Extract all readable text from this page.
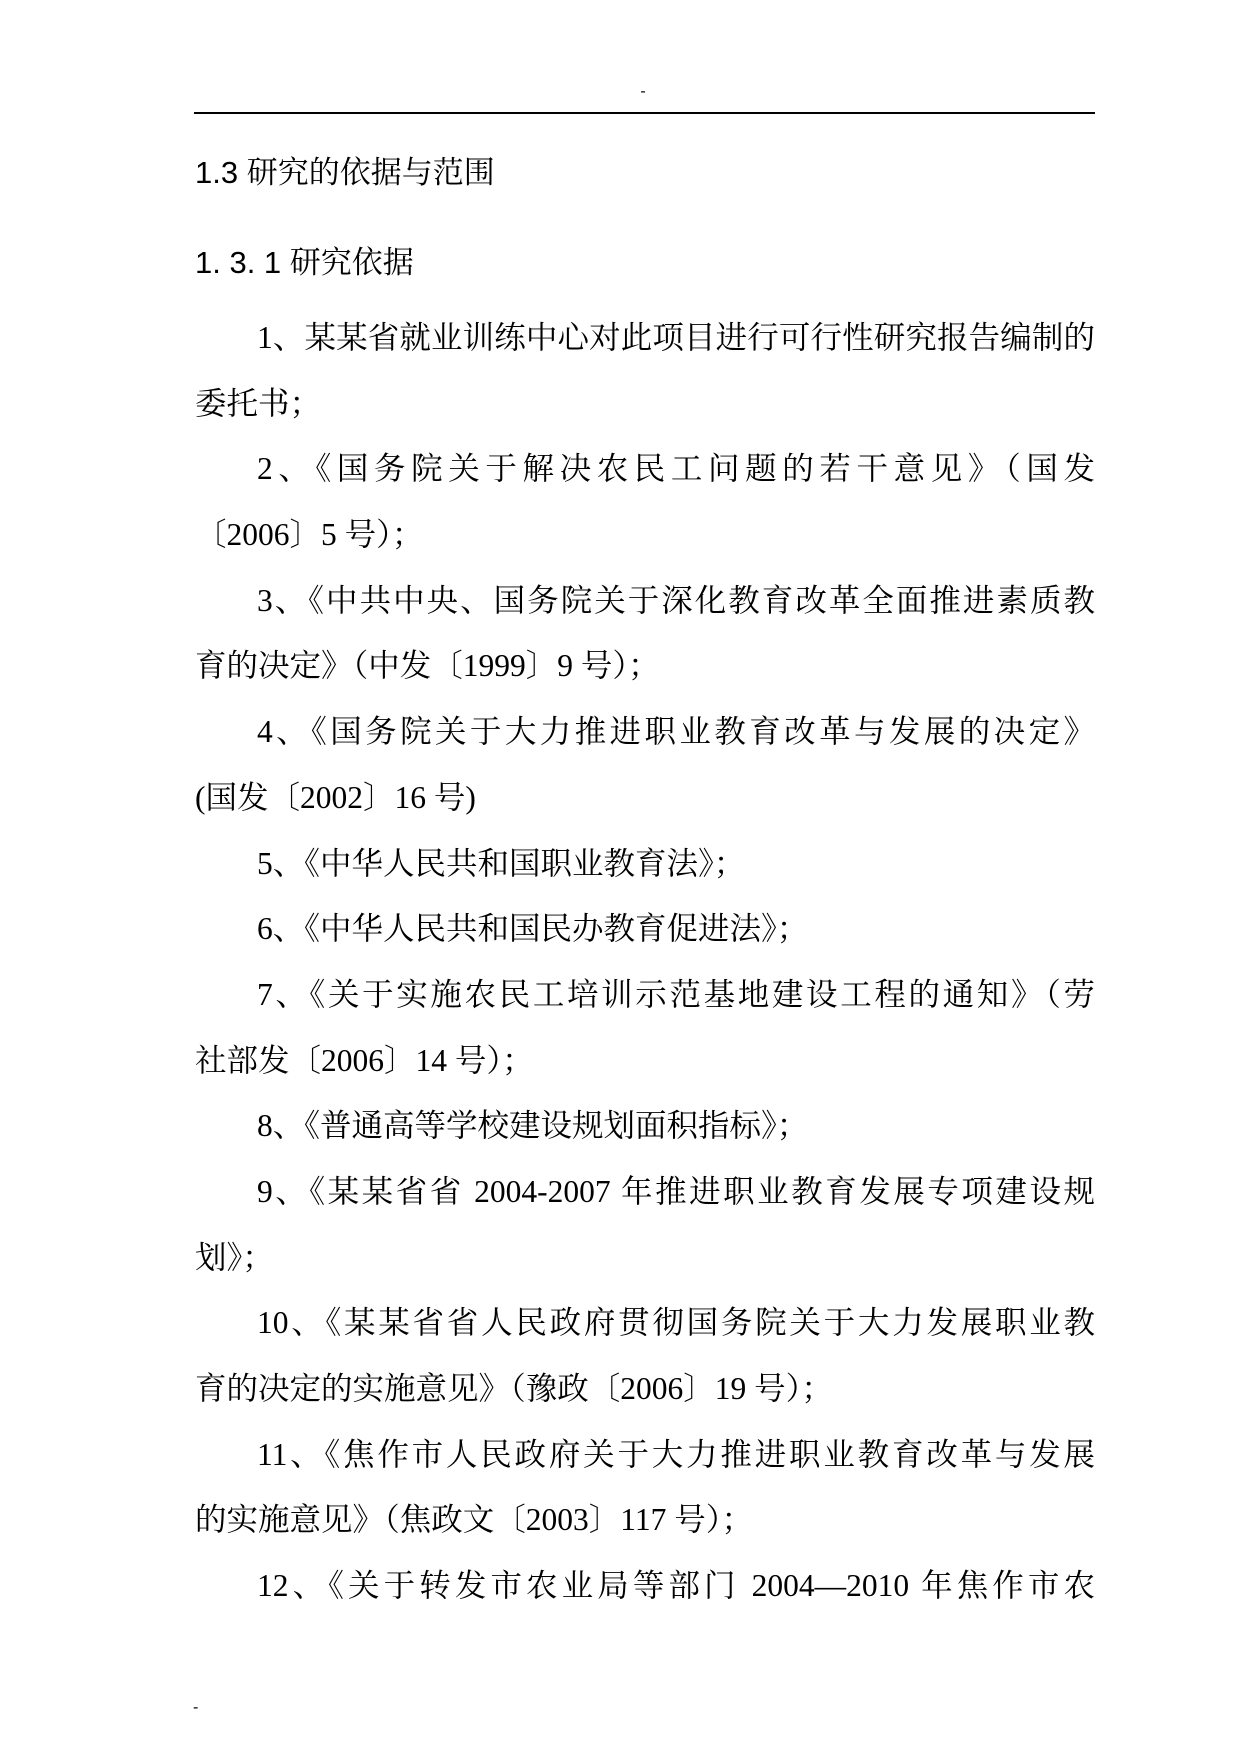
-
1.3 研究的依据与范围
1. 3. 1 研究依据
1、某某省就业训练中心对此项目进行可行性研究报告编制的
委托书；
2、《国务院关于解决农民工问题的若干意见》（国发
〔2006〕5 号）；
3、《中共中央、国务院关于深化教育改革全面推进素质教
育的决定》（中发〔1999〕9 号）；
4、《国务院关于大力推进职业教育改革与发展的决定》
(国发〔2002〕16 号)
5、《中华人民共和国职业教育法》；
6、《中华人民共和国民办教育促进法》；
7、《关于实施农民工培训示范基地建设工程的通知》（劳
社部发〔2006〕14 号）；
8、《普通高等学校建设规划面积指标》；
9、《某某省省 2004-2007 年推进职业教育发展专项建设规
划》；
10、《某某省省人民政府贯彻国务院关于大力发展职业教
育的决定的实施意见》（豫政〔2006〕19 号）；
11、《焦作市人民政府关于大力推进职业教育改革与发展
的实施意见》（焦政文〔2003〕117 号）；
12、《关于转发市农业局等部门 2004—2010 年焦作市农
-
